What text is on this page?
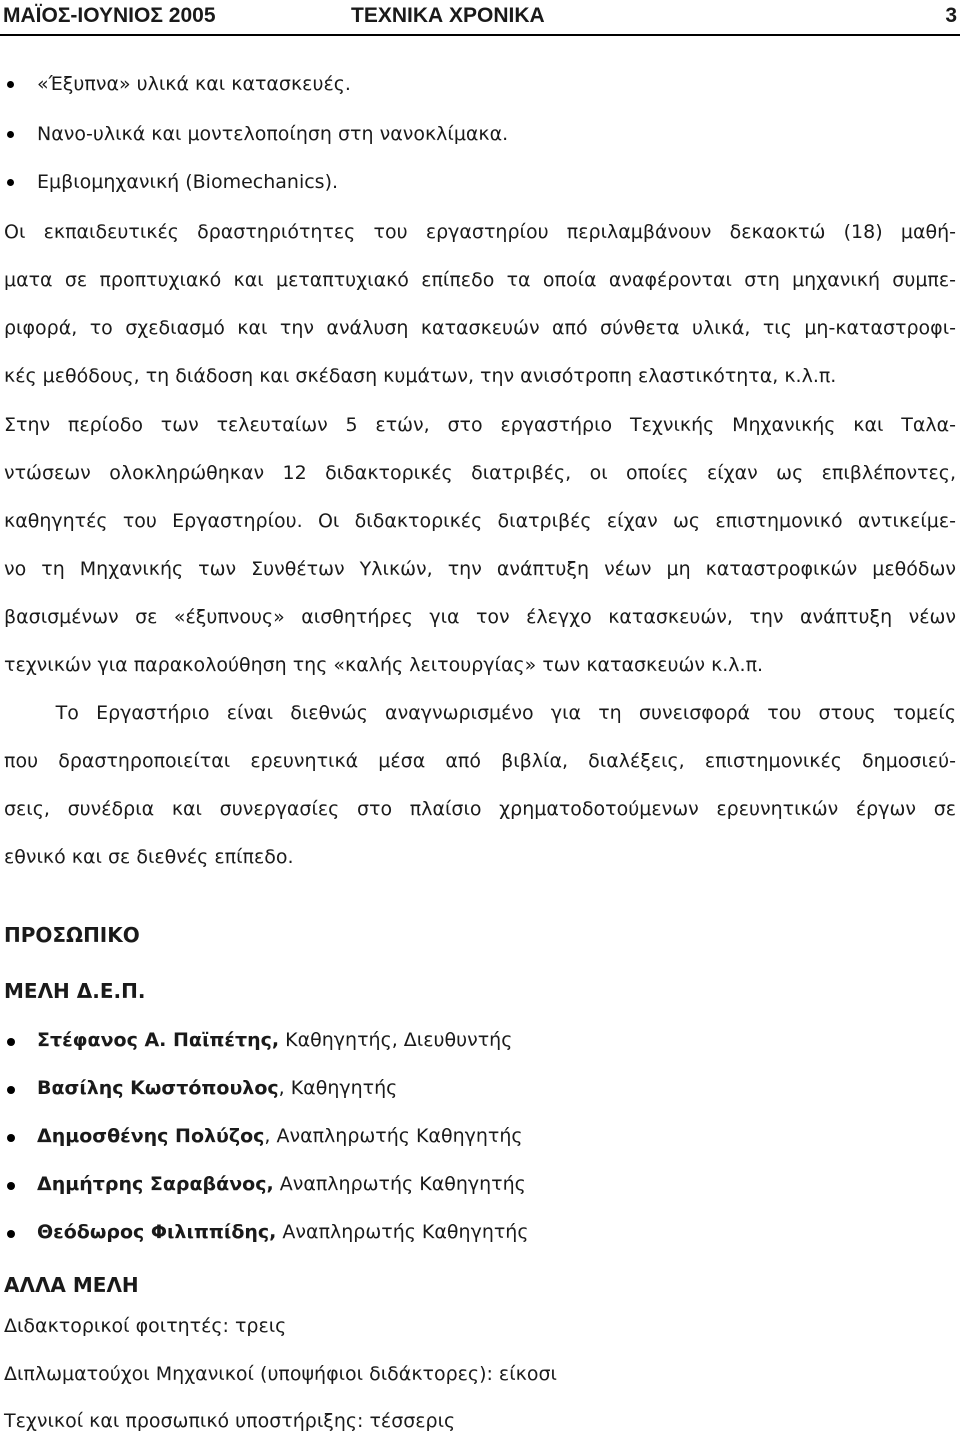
ΜΑΪΟΣ-ΙΟΥΝΙΟΣ 2005	ΤΕΧΝΙΚΑ ΧΡΟΝΙΚΑ	3
«Έξυπνα» υλικά και κατασκευές.
Νανο-υλικά και μοντελοποίηση στη νανοκλίμακα.
Εμβιομηχανική (Biomechanics).
Οι εκπαιδευτικές δραστηριότητες του εργαστηρίου περιλαμβάνουν δεκαοκτώ (18) μαθή-
ματα σε προπτυχιακό και μεταπτυχιακό επίπεδο τα οποία αναφέρονται στη μηχανική συμπε-
ριφορά, το σχεδιασμό και την ανάλυση κατασκευών από σύνθετα υλικά, τις μη-καταστροφι-
κές μεθόδους, τη διάδοση και σκέδαση κυμάτων, την ανισότροπη ελαστικότητα, κ.λ.π.
Στην περίοδο των τελευταίων 5 ετών, στο εργαστήριο Τεχνικής Μηχανικής και Ταλα-
ντώσεων ολοκληρώθηκαν 12 διδακτορικές διατριβές, οι οποίες είχαν ως επιβλέποντες,
καθηγητές του Εργαστηρίου. Οι διδακτορικές διατριβές είχαν ως επιστημονικό αντικείμε-
νο τη Μηχανικής των Συνθέτων Υλικών, την ανάπτυξη νέων μη καταστροφικών μεθόδων
βασισμένων σε «έξυπνους» αισθητήρες για τον έλεγχο κατασκευών, την ανάπτυξη νέων
τεχνικών για παρακολούθηση της «καλής λειτουργίας» των κατασκευών κ.λ.π.
Το Εργαστήριο είναι διεθνώς αναγνωρισμένο για τη συνεισφορά του στους τομείς
που δραστηροποιείται ερευνητικά μέσα από βιβλία, διαλέξεις, επιστημονικές δημοσιεύ-
σεις, συνέδρια και συνεργασίες στο πλαίσιο χρηματοδοτούμενων ερευνητικών έργων σε
εθνικό και σε διεθνές επίπεδο.
ΠΡΟΣΩΠΙΚΟ
ΜΕΛΗ Δ.Ε.Π.
Στέφανος Α. Παϊπέτης, Καθηγητής, Διευθυντής
Βασίλης Κωστόπουλος, Καθηγητής
Δημοσθένης Πολύζος, Αναπληρωτής Καθηγητής
Δημήτρης Σαραβάνος, Αναπληρωτής Καθηγητής
Θεόδωρος Φιλιππίδης, Αναπληρωτής Καθηγητής
ΑΛΛΑ ΜΕΛΗ
Διδακτορικοί φοιτητές: τρεις
Διπλωματούχοι Μηχανικοί (υποψήφιοι διδάκτορες): είκοσι
Τεχνικοί και προσωπικό υποστήριξης: τέσσερις
